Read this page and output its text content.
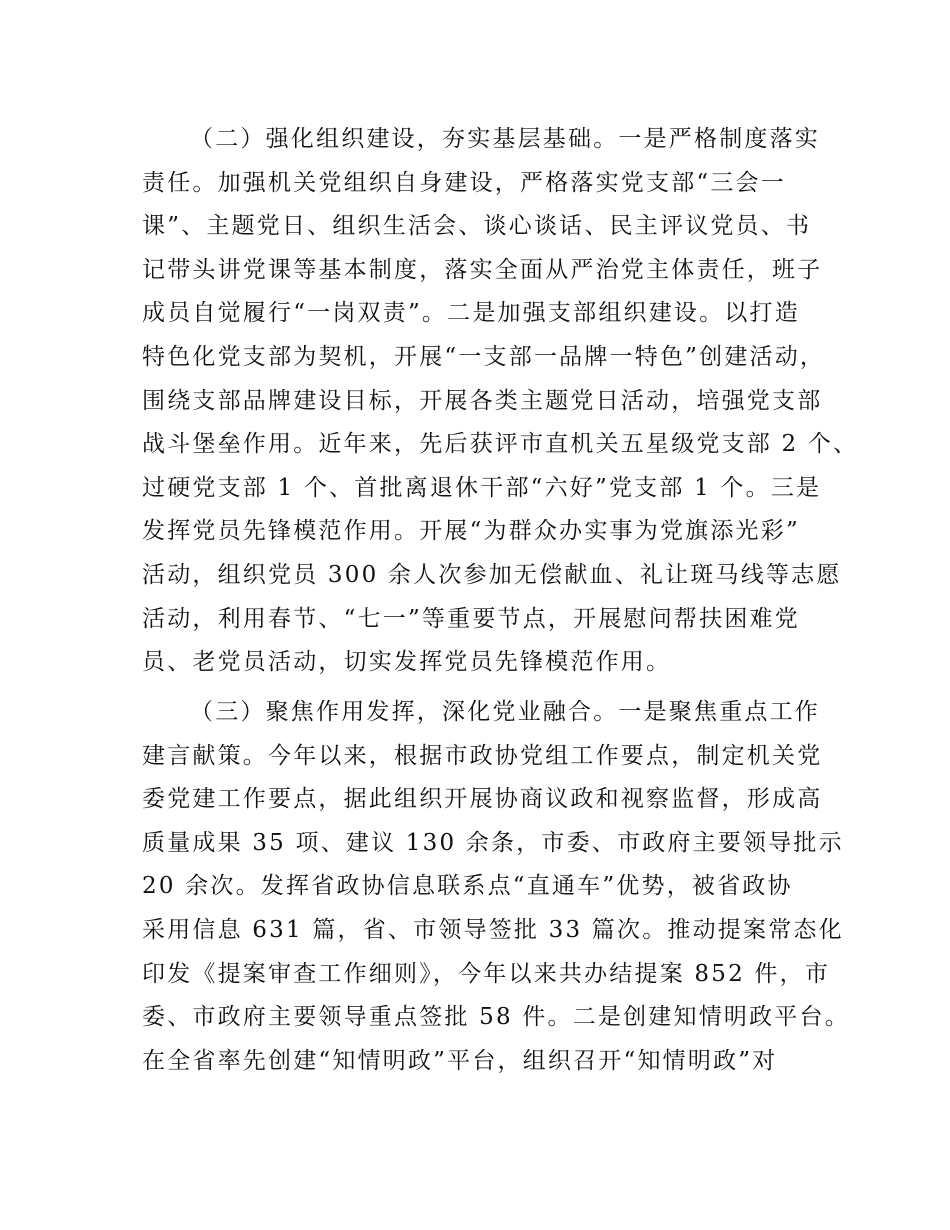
（二）强化组织建设，夯实基层基础。一是严格制度落实
责任。加强机关党组织自身建设，严格落实党支部“三会一
课”、主题党日、组织生活会、谈心谈话、民主评议党员、书
记带头讲党课等基本制度，落实全面从严治党主体责任，班子
成员自觉履行“一岗双责”。二是加强支部组织建设。以打造
特色化党支部为契机，开展“一支部一品牌一特色”创建活动，
围绕支部品牌建设目标，开展各类主题党日活动，培强党支部
战斗堡垒作用。近年来，先后获评市直机关五星级党支部 2 个、
过硬党支部 1 个、首批离退休干部“六好”党支部 1 个。三是
发挥党员先锋模范作用。开展“为群众办实事为党旗添光彩”
活动，组织党员 300 余人次参加无偿献血、礼让斑马线等志愿
活动，利用春节、“七一”等重要节点，开展慰问帮扶困难党
员、老党员活动，切实发挥党员先锋模范作用。
（三）聚焦作用发挥，深化党业融合。一是聚焦重点工作
建言献策。今年以来，根据市政协党组工作要点，制定机关党
委党建工作要点，据此组织开展协商议政和视察监督，形成高
质量成果 35 项、建议 130 余条，市委、市政府主要领导批示
20 余次。发挥省政协信息联系点“直通车”优势，被省政协
采用信息 631 篇，省、市领导签批 33 篇次。推动提案常态化
印发《提案审查工作细则》，今年以来共办结提案 852 件，市
委、市政府主要领导重点签批 58 件。二是创建知情明政平台。
在全省率先创建“知情明政”平台，组织召开“知情明政”对
